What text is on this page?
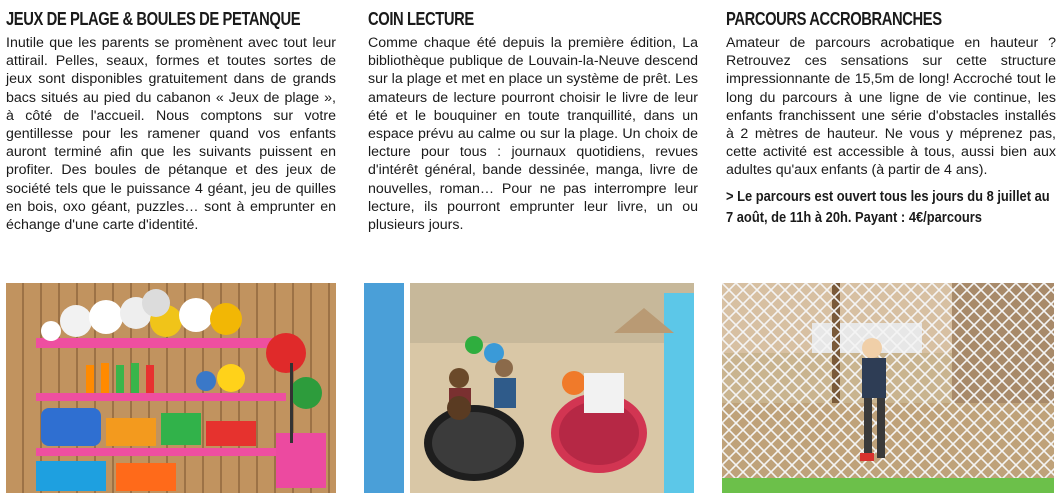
JEUX DE PLAGE & BOULES DE PETANQUE

Inutile que les parents se promènent avec tout leur attirail. Pelles, seaux, formes et toutes sortes de jeux sont disponibles gratuitement dans de grands bacs situés au pied du cabanon « Jeux de plage », à côté de l'accueil. Nous comptons sur votre gentillesse pour les ramener quand vos enfants auront terminé afin que les suivants puissent en profiter. Des boules de pétanque et des jeux de société tels que le puissance 4 géant, jeu de quilles en bois, oxo géant, puzzles… sont à emprunter en échange d'une carte d'identité.

COIN LECTURE

Comme chaque été depuis la première édition, La bibliothèque publique de Louvain-la-Neuve descend sur la plage et met en place un système de prêt. Les amateurs de lecture pourront choisir le livre de leur été et le bouquiner en toute tranquillité, dans un espace prévu au calme ou sur la plage. Un choix de lecture pour tous : journaux quotidiens, revues d'intérêt général, bande dessinée, manga, livre de nouvelles, roman… Pour ne pas interrompre leur lecture, ils pourront emprunter leur livre, un ou plusieurs jours.

PARCOURS ACCROBRANCHES

Amateur de parcours acrobatique en hauteur ? Retrouvez ces sensations sur cette structure impressionnante de 15,5m de long! Accroché tout le long du parcours à une ligne de vie continue, les enfants franchissent une série d'obstacles installés à 2 mètres de hauteur. Ne vous y méprenez pas, cette activité est accessible à tous, aussi bien aux adultes qu'aux enfants (à partir de 4 ans).

> Le parcours est ouvert tous les jours du 8 juillet au 7 août, de 11h à 20h. Payant : 4€/parcours
